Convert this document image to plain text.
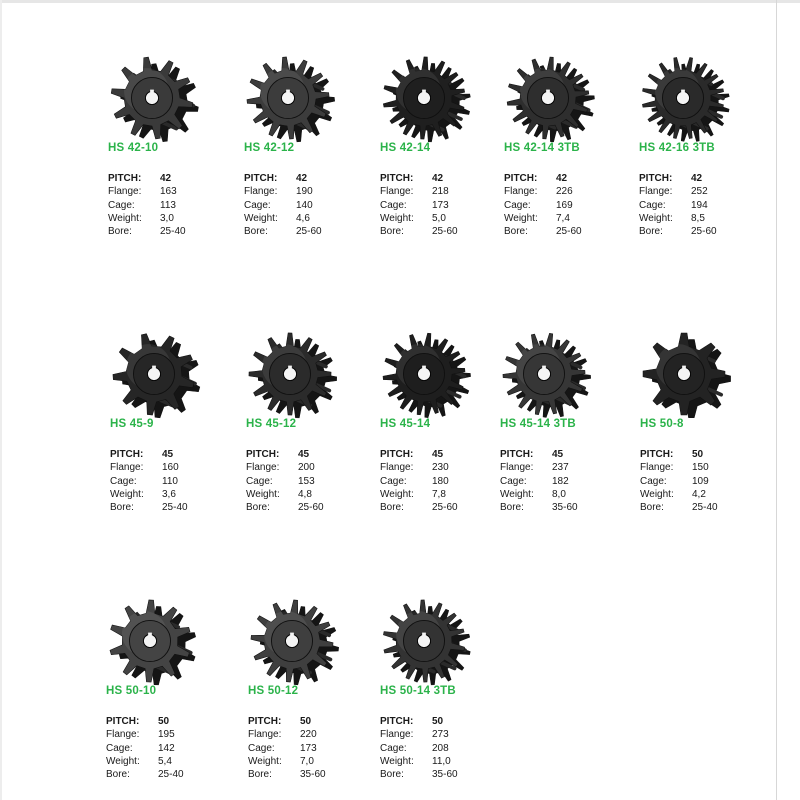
HS 42-10
PITCH:	42
Flange:	163
Cage:	113
Weight:	3,0
Bore:	25-40
HS 42-12
PITCH:	42
Flange:	190
Cage:	140
Weight:	4,6
Bore:	25-60
HS 42-14
PITCH:	42
Flange:	218
Cage:	173
Weight:	5,0
Bore:	25-60
HS 42-14 3TB
PITCH:	42
Flange:	226
Cage:	169
Weight:	7,4
Bore:	25-60
HS 42-16 3TB
PITCH:	42
Flange:	252
Cage:	194
Weight:	8,5
Bore:	25-60
HS 45-9
PITCH:	45
Flange:	160
Cage:	110
Weight:	3,6
Bore:	25-40
HS 45-12
PITCH:	45
Flange:	200
Cage:	153
Weight:	4,8
Bore:	25-60
HS 45-14
PITCH:	45
Flange:	230
Cage:	180
Weight:	7,8
Bore:	25-60
HS 45-14 3TB
PITCH:	45
Flange:	237
Cage:	182
Weight:	8,0
Bore:	35-60
HS 50-8
PITCH:	50
Flange:	150
Cage:	109
Weight:	4,2
Bore:	25-40
HS 50-10
PITCH:	50
Flange:	195
Cage:	142
Weight:	5,4
Bore:	25-40
HS 50-12
PITCH:	50
Flange:	220
Cage:	173
Weight:	7,0
Bore:	35-60
HS 50-14 3TB
PITCH:	50
Flange:	273
Cage:	208
Weight:	11,0
Bore:	35-60
